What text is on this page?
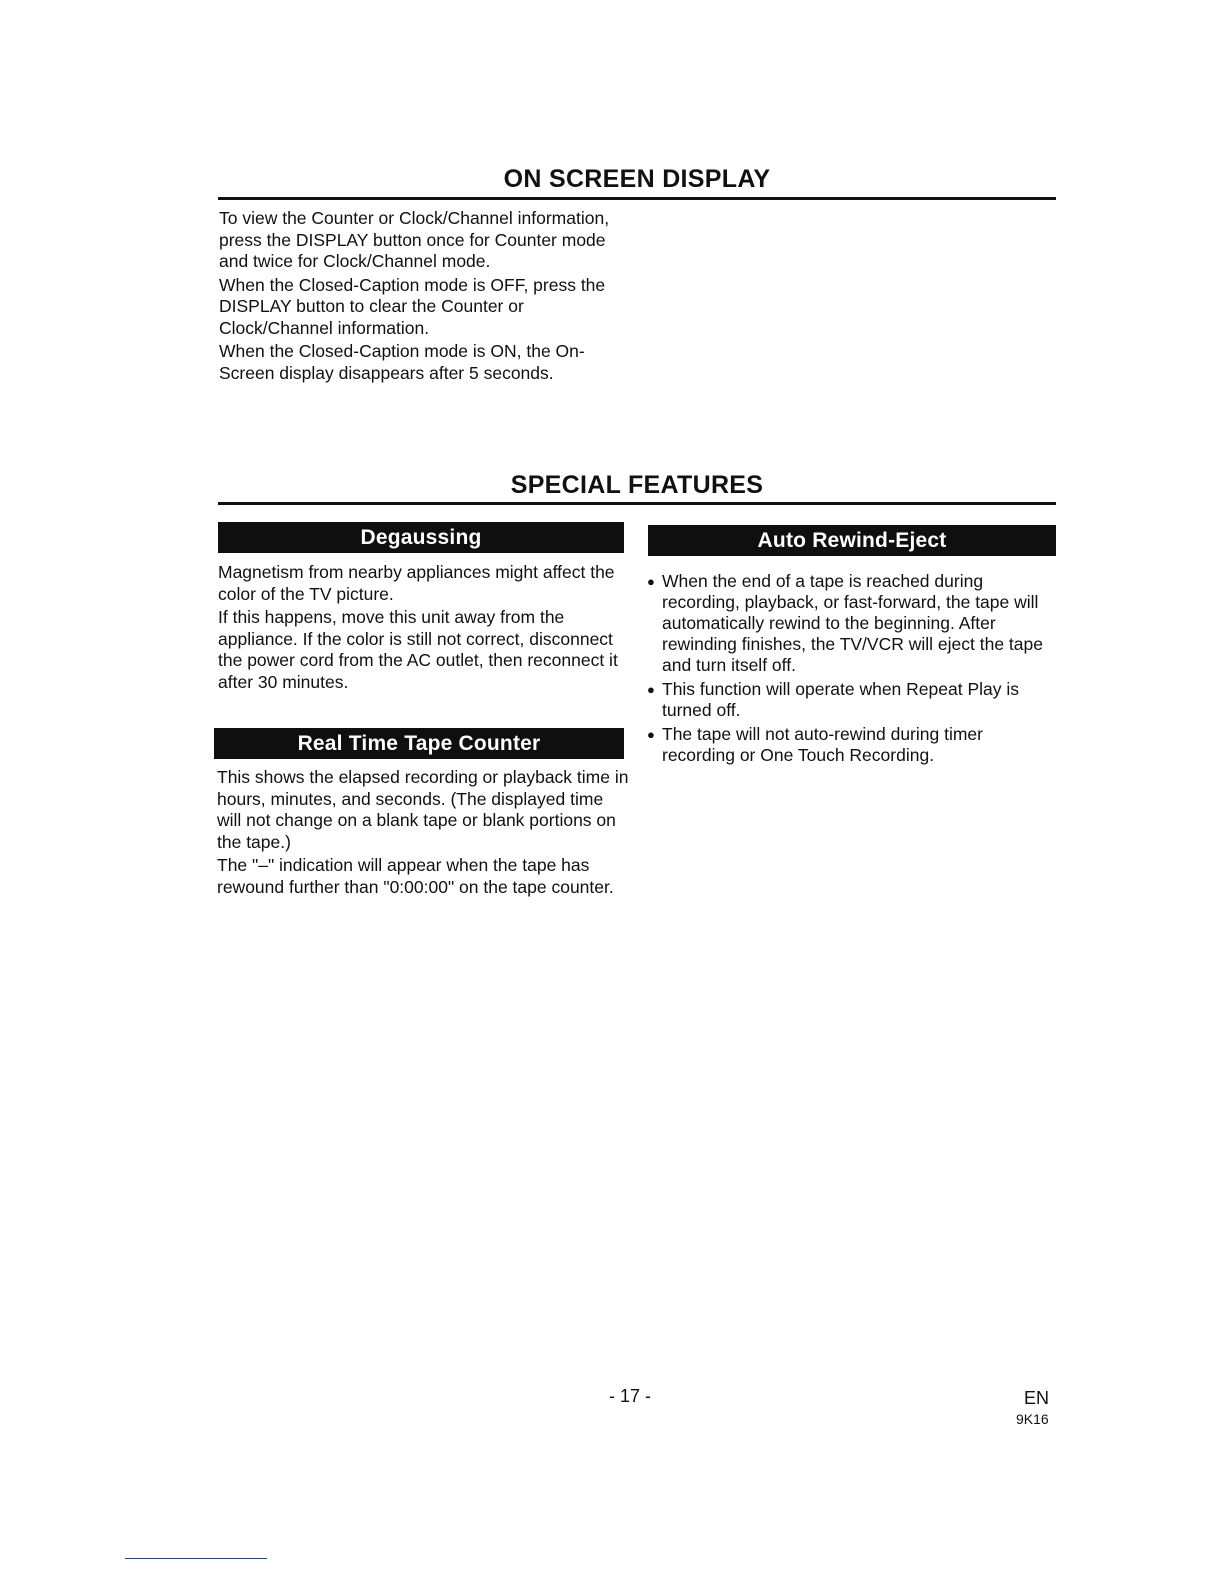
ON SCREEN DISPLAY

To view the Counter or Clock/Channel information, press the DISPLAY button once for Counter mode and twice for Clock/Channel mode.

When the Closed-Caption mode is OFF, press the DISPLAY button to clear the Counter or Clock/Channel information.

When the Closed-Caption mode is ON, the On-Screen display disappears after 5 seconds.

SPECIAL FEATURES
Degaussing

Magnetism from nearby appliances might affect the color of the TV picture.

If this happens, move this unit away from the appliance. If the color is still not correct, disconnect the power cord from the AC outlet, then reconnect it after 30 minutes.

Real Time Tape Counter

This shows the elapsed recording or playback time in hours, minutes, and seconds. (The displayed time will not change on a blank tape or blank portions on the tape.)

The "–" indication will appear when the tape has rewound further than "0:00:00" on the tape counter.

Auto Rewind-Eject
● When the end of a tape is reached during recording, playback, or fast-forward, the tape will automatically rewind to the beginning. After rewinding finishes, the TV/VCR will eject the tape and turn itself off.
● This function will operate when Repeat Play is turned off.
● The tape will not auto-rewind during timer recording or One Touch Recording.
- 17 -	EN
9K16
